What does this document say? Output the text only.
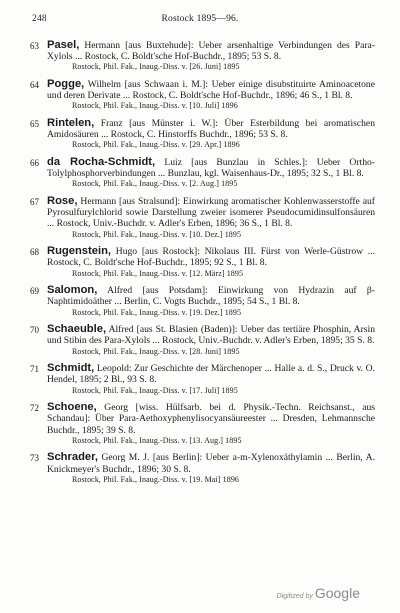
248	Rostock 1895—96.
63 Pasel, Hermann [aus Buxtehude]: Ueber arsenhaltige Verbindungen des Para-Xylols ... Rostock, C. Boldt'sche Hof-Buchdr., 1895; 53 S. 8.
Rostock, Phil. Fak., Inaug.-Diss. v. [26. Juni] 1895
64 Pogge, Wilhelm [aus Schwaan i. M.]: Ueber einige disubstituirte Aminoacetone und deren Derivate ... Rostock, C. Boldt'sche Hof-Buchdr., 1896; 46 S., 1 Bl. 8.
Rostock, Phil. Fak., Inaug.-Diss. v. [10. Juli] 1896
65 Rintelen, Franz [aus Münster i. W.]: Über Esterbildung bei aromatischen Amidosäuren ... Rostock, C. Hinstorffs Buchdr., 1896; 53 S. 8.
Rostock, Phil. Fak., Inaug.-Diss. v. [29. Apr.] 1896
66 da Rocha-Schmidt, Luiz [aus Bunzlau in Schles.]: Ueber Ortho-Tolylphosphorverbindungen ... Bunzlau, kgl. Waisenhaus-Dr., 1895; 32 S., 1 Bl. 8.
Rostock, Phil. Fak., Inaug.-Diss. v. [2. Aug.] 1895
67 Rose, Hermann [aus Stralsund]: Einwirkung aromatischer Kohlenwasserstoffe auf Pyrosulfurylchlorid sowie Darstellung zweier isomerer Pseudocumidinsulfonsäuren ... Rostock, Univ.-Buchdr. v. Adler's Erben, 1896; 36 S., 1 Bl. 8.
Rostock, Phil. Fak., Inaug.-Diss. v. [10. Dez.] 1895
68 Rugenstein, Hugo [aus Rostock]: Nikolaus III. Fürst von Werle-Güstrow ... Rostock, C. Boldt'sche Hof-Buchdr., 1895; 92 S., 1 Bl. 8.
Rostock, Phil. Fak., Inaug.-Diss. v. [12. März] 1895
69 Salomon, Alfred [aus Potsdam]: Einwirkung von Hydrazin auf β-Naphtimidoäther ... Berlin, C. Vogts Buchdr., 1895; 54 S., 1 Bl. 8.
Rostock, Phil. Fak., Inaug.-Diss. v. [19. Dez.] 1895
70 Schaeuble, Alfred [aus St. Blasien (Baden)]: Ueber das tertiäre Phosphin, Arsin und Stibin des Para-Xylols ... Rostock, Univ.-Buchdr. v. Adler's Erben, 1895; 35 S. 8.
Rostock, Phil. Fak., Inaug.-Diss. v. [28. Juni] 1895
71 Schmidt, Leopold: Zur Geschichte der Märchenoper ... Halle a. d. S., Druck v. O. Hendel, 1895; 2 Bl., 93 S. 8.
Rostock, Phil. Fak., Inaug.-Diss. v. [17. Juli] 1895
72 Schoene, Georg [wiss. Hülfsarb. bei d. Physik.-Techn. Reichsanst., aus Schandau]: Über Para-Aethoxyphenylisocyansäureester ... Dresden, Lehmannsche Buchdr., 1895; 39 S. 8.
Rostock, Phil. Fak., Inaug.-Diss. v. [13. Aug.] 1895
73 Schrader, Georg M. J. [aus Berlin]: Ueber a-m-Xylenoxäthylamin ... Berlin, A. Knickmeyer's Buchdr., 1896; 30 S. 8.
Rostock, Phil. Fak., Inaug.-Diss. v. [19. Mai] 1896
Digitized by Google
